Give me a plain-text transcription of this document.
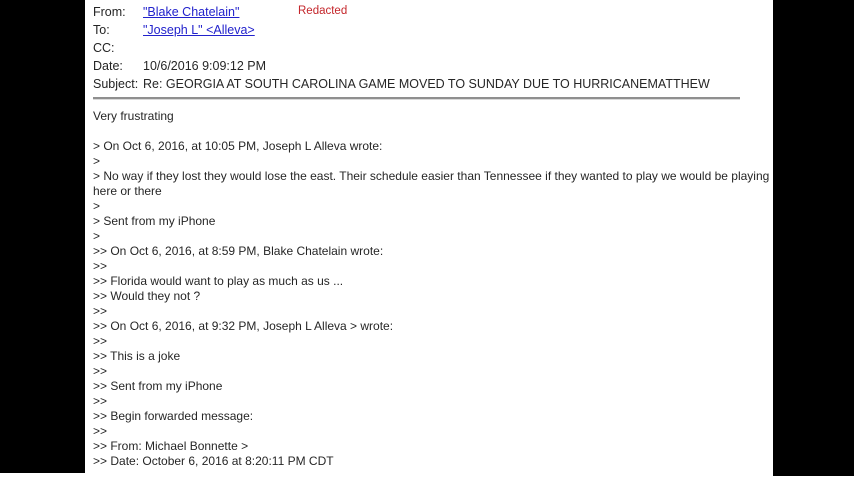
From:	"Blake Chatelain"	Redacted
To:	"Joseph L" <Alleva>
CC:
Date:	10/6/2016 9:09:12 PM
Subject: Re: GEORGIA AT SOUTH CAROLINA GAME MOVED TO SUNDAY DUE TO HURRICANEMATTHEW
Very frustrating
> On Oct 6, 2016, at 10:05 PM, Joseph L Alleva wrote:
>
> No way if they lost they would lose the east. Their schedule easier than Tennessee if they wanted to play we would be playing
here or there
>
> Sent from my iPhone
>
>> On Oct 6, 2016, at 8:59 PM, Blake Chatelain wrote:
>>
>> Florida would want to play as much as us ...
>> Would they not ?
>>
>> On Oct 6, 2016, at 9:32 PM, Joseph L Alleva > wrote:
>>
>> This is a joke
>>
>> Sent from my iPhone
>>
>> Begin forwarded message:
>>
>> From: Michael Bonnette >
>> Date: October 6, 2016 at 8:20:11 PM CDT
